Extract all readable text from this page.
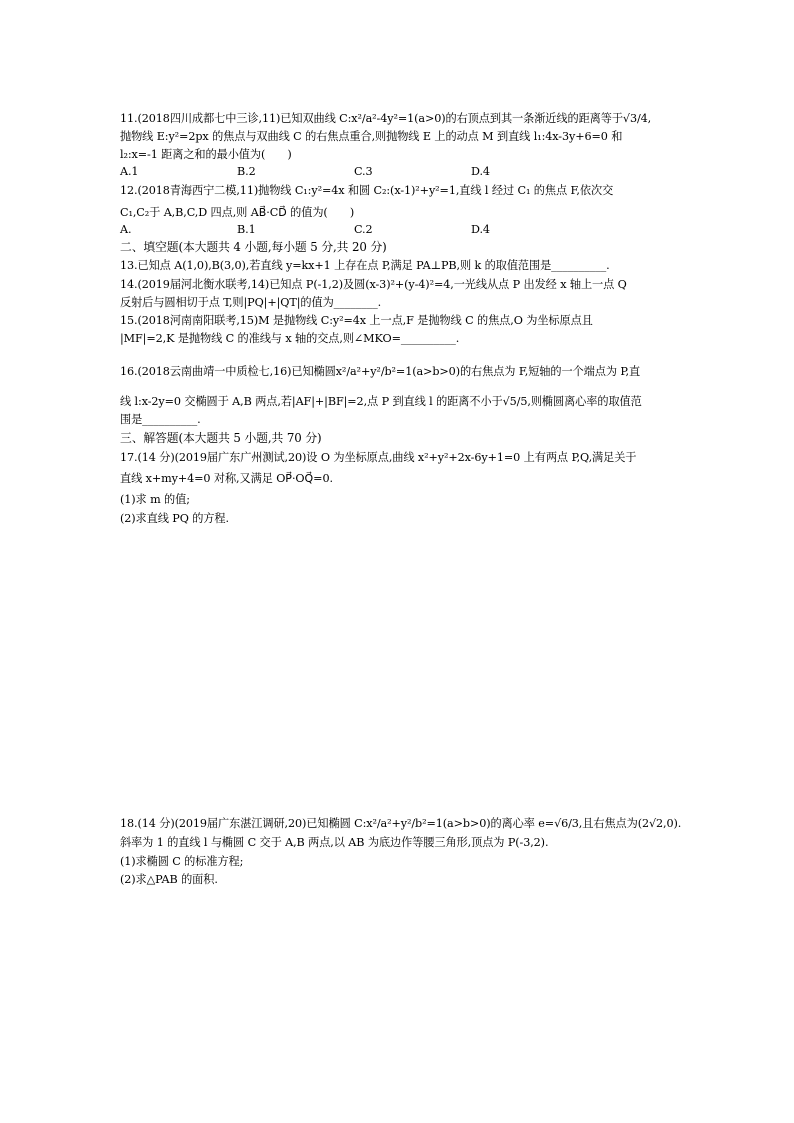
11.(2018四川成都七中三诊,11)已知双曲线 C:x²/a²-4y²=1(a>0)的右顶点到其一条渐近线的距离等于√3/4,
抛物线 E:y²=2px 的焦点与双曲线 C 的右焦点重合,则抛物线 E 上的动点 M 到直线 l₁:4x-3y+6=0 和
l₂:x=-1 距离之和的最小值为(　　)
A.1	B.2	C.3	D.4
12.(2018青海西宁二模,11)抛物线 C₁:y²=4x 和圆 C₂:(x-1)²+y²=1,直线 l 经过 C₁ 的焦点 F,依次交
C₁,C₂于 A,B,C,D 四点,则 AB⃗·CD⃗ 的值为(　　)
A.	B.1	C.2	D.4
二、填空题(本大题共 4 小题,每小题 5 分,共 20 分)
13.已知点 A(1,0),B(3,0),若直线 y=kx+1 上存在点 P,满足 PA⊥PB,则 k 的取值范围是__________.
14.(2019届河北衡水联考,14)已知点 P(-1,2)及圆(x-3)²+(y-4)²=4,一光线从点 P 出发经 x 轴上一点 Q
反射后与圆相切于点 T,则|PQ|+|QT|的值为________.
15.(2018河南南阳联考,15)M 是抛物线 C:y²=4x 上一点,F 是抛物线 C 的焦点,O 为坐标原点且
|MF|=2,K 是抛物线 C 的准线与 x 轴的交点,则∠MKO=__________.
16.(2018云南曲靖一中质检七,16)已知椭圆x²/a²+y²/b²=1(a>b>0)的右焦点为 F,短轴的一个端点为 P,直
线 l:x-2y=0 交椭圆于 A,B 两点,若|AF|+|BF|=2,点 P 到直线 l 的距离不小于√5/5,则椭圆离心率的取值范
围是__________.
三、解答题(本大题共 5 小题,共 70 分)
17.(14 分)(2019届广东广州测试,20)设 O 为坐标原点,曲线 x²+y²+2x-6y+1=0 上有两点 P,Q,满足关于
直线 x+my+4=0 对称,又满足 OP⃗·OQ⃗=0.
(1)求 m 的值;
(2)求直线 PQ 的方程.
18.(14 分)(2019届广东湛江调研,20)已知椭圆 C:x²/a²+y²/b²=1(a>b>0)的离心率 e=√6/3,且右焦点为(2√2,0).
斜率为 1 的直线 l 与椭圆 C 交于 A,B 两点,以 AB 为底边作等腰三角形,顶点为 P(-3,2).
(1)求椭圆 C 的标准方程;
(2)求△PAB 的面积.
